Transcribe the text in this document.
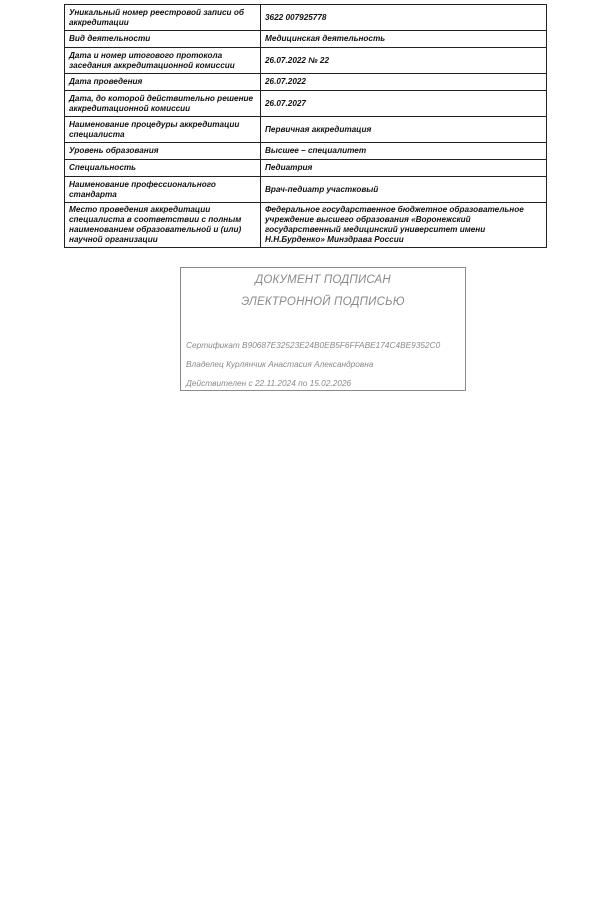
Уникальный номер реестровой записи об аккредитации	3622 007925778
Вид деятельности	Медицинская деятельность
Дата и номер итогового протокола заседания аккредитационной комиссии	26.07.2022 № 22
Дата проведения	26.07.2022
Дата, до которой действительно решение аккредитационной комиссии	26.07.2027
Наименование процедуры аккредитации специалиста	Первичная аккредитация
Уровень образования	Высшее – специалитет
Специальность	Педиатрия
Наименование профессионального стандарта	Врач-педиатр участковый
Место проведения аккредитации специалиста в соответствии с полным наименованием образовательной и (или) научной организации	Федеральное государственное бюджетное образовательное учреждение высшего образования «Воронежский государственный медицинский университет имени Н.Н.Бурденко» Минздрава России
ДОКУМЕНТ ПОДПИСАН
ЭЛЕКТРОННОЙ ПОДПИСЬЮ
Сертификат B90687E32523E24B0EB5F6FFABE174C4BE9352C0
Владелец Курлянчик Анастасия Александровна
Действителен с 22.11.2024 по 15.02.2026
